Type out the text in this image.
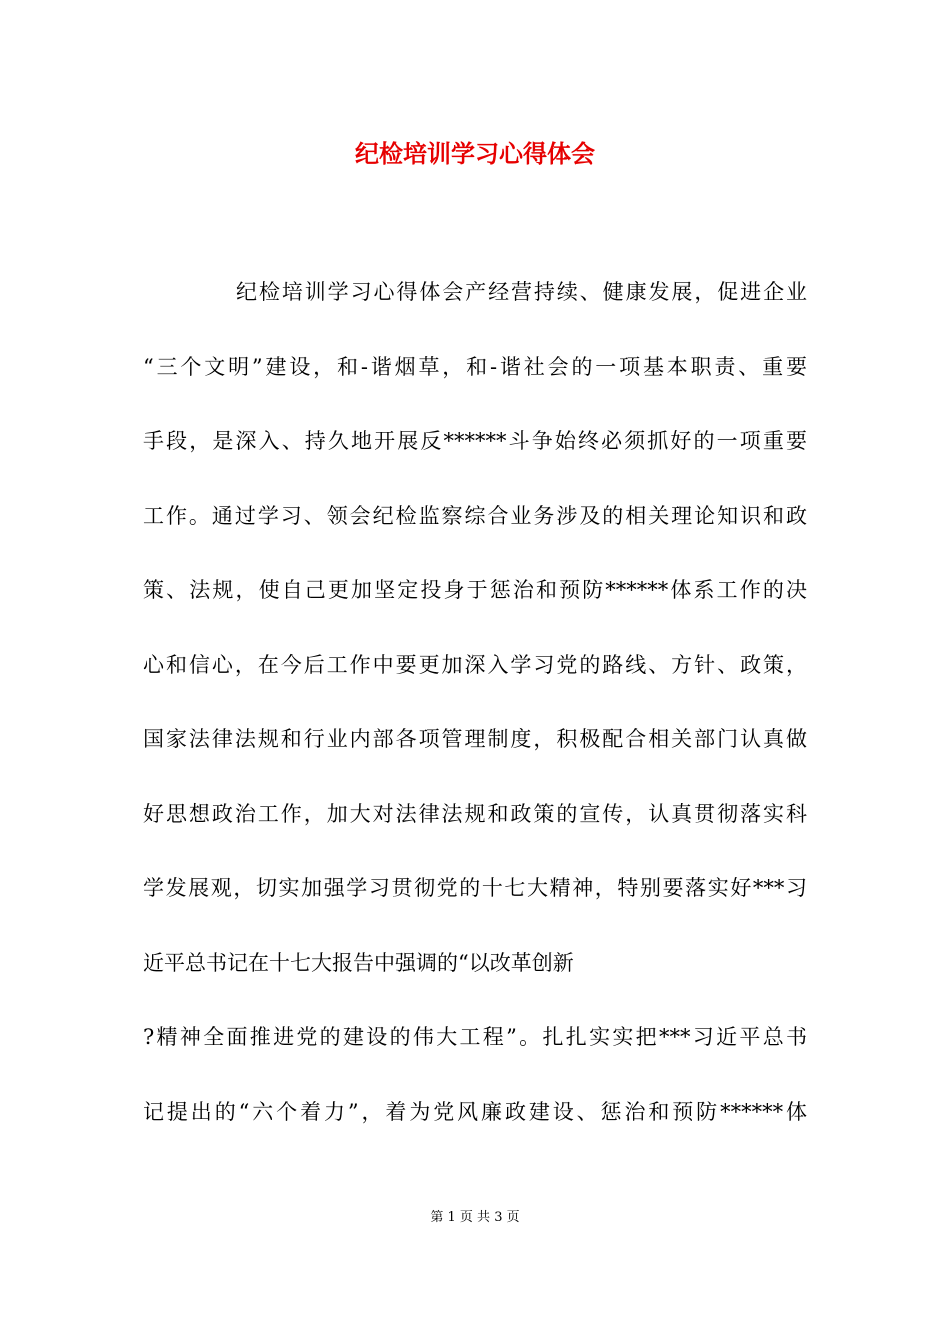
纪检培训学习心得体会
纪检培训学习心得体会产经营持续、健康发展，促进企业
“三个文明”建设，和-谐烟草，和-谐社会的一项基本职责、重要
手段，是深入、持久地开展反******斗争始终必须抓好的一项重要
工作。通过学习、领会纪检监察综合业务涉及的相关理论知识和政
策、法规，使自己更加坚定投身于惩治和预防******体系工作的决
心和信心，在今后工作中要更加深入学习党的路线、方针、政策，
国家法律法规和行业内部各项管理制度，积极配合相关部门认真做
好思想政治工作，加大对法律法规和政策的宣传，认真贯彻落实科
学发展观，切实加强学习贯彻党的十七大精神，特别要落实好***习
近平总书记在十七大报告中强调的“以改革创新
?精神全面推进党的建设的伟大工程”。扎扎实实把***习近平总书
记提出的“六个着力”，着为党风廉政建设、惩治和预防******体
第 1 页 共 3 页
